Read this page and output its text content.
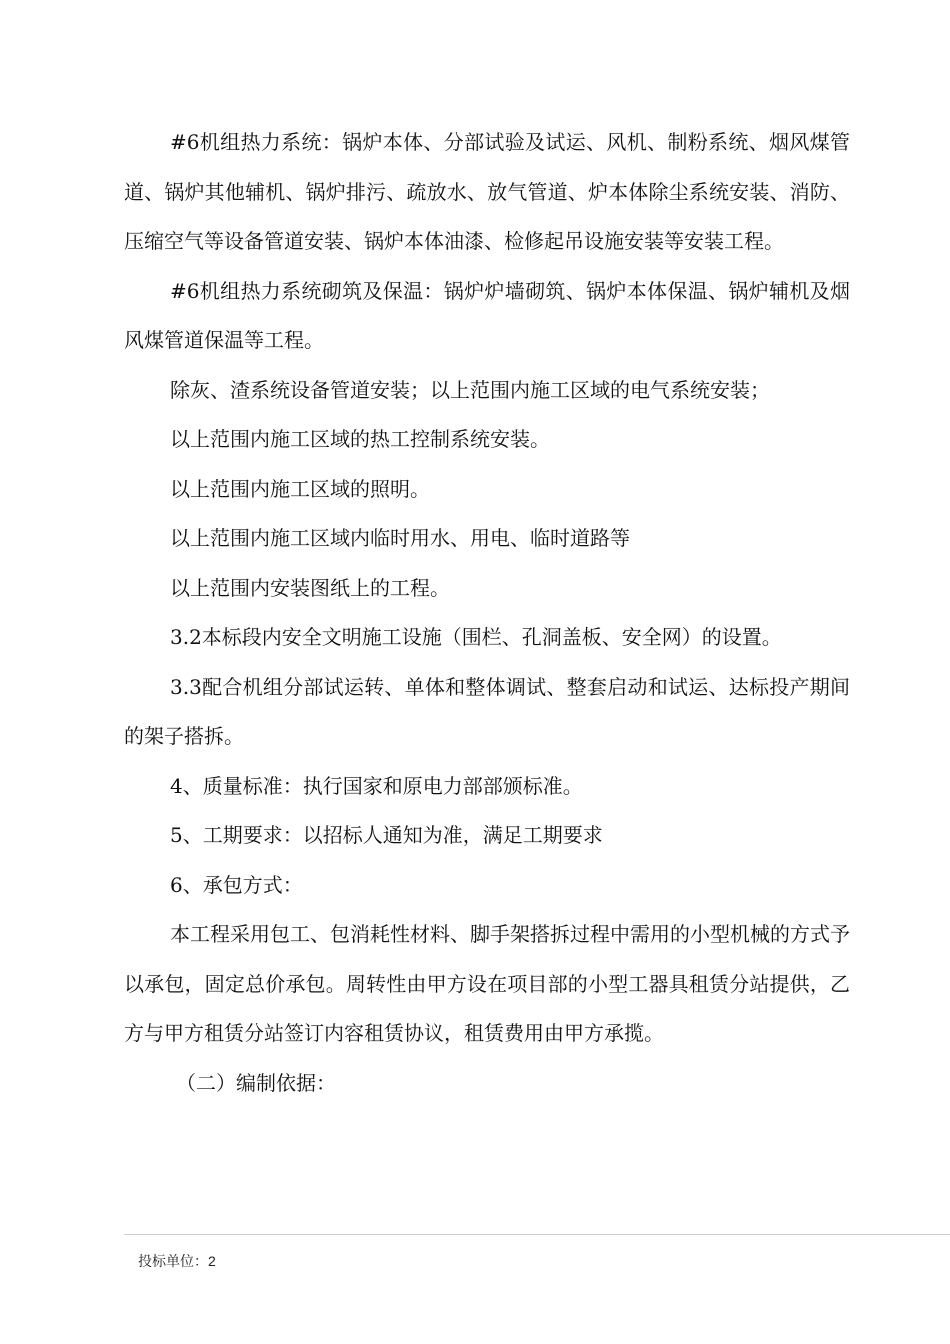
#6机组热力系统：锅炉本体、分部试验及试运、风机、制粉系统、烟风煤管道、锅炉其他辅机、锅炉排污、疏放水、放气管道、炉本体除尘系统安装、消防、压缩空气等设备管道安装、锅炉本体油漆、检修起吊设施安装等安装工程。

#6机组热力系统砌筑及保温：锅炉炉墙砌筑、锅炉本体保温、锅炉辅机及烟风煤管道保温等工程。

除灰、渣系统设备管道安装；以上范围内施工区域的电气系统安装；

以上范围内施工区域的热工控制系统安装。

以上范围内施工区域的照明。

以上范围内施工区域内临时用水、用电、临时道路等

以上范围内安装图纸上的工程。

3.2本标段内安全文明施工设施（围栏、孔洞盖板、安全网）的设置。

3.3配合机组分部试运转、单体和整体调试、整套启动和试运、达标投产期间的架子搭拆。

4、质量标准：执行国家和原电力部部颁标准。

5、工期要求：以招标人通知为准，满足工期要求

6、承包方式：

本工程采用包工、包消耗性材料、脚手架搭拆过程中需用的小型机械的方式予以承包，固定总价承包。周转性由甲方设在项目部的小型工器具租赁分站提供，乙方与甲方租赁分站签订内容租赁协议，租赁费用由甲方承揽。

（二）编制依据：

投标单位：2
